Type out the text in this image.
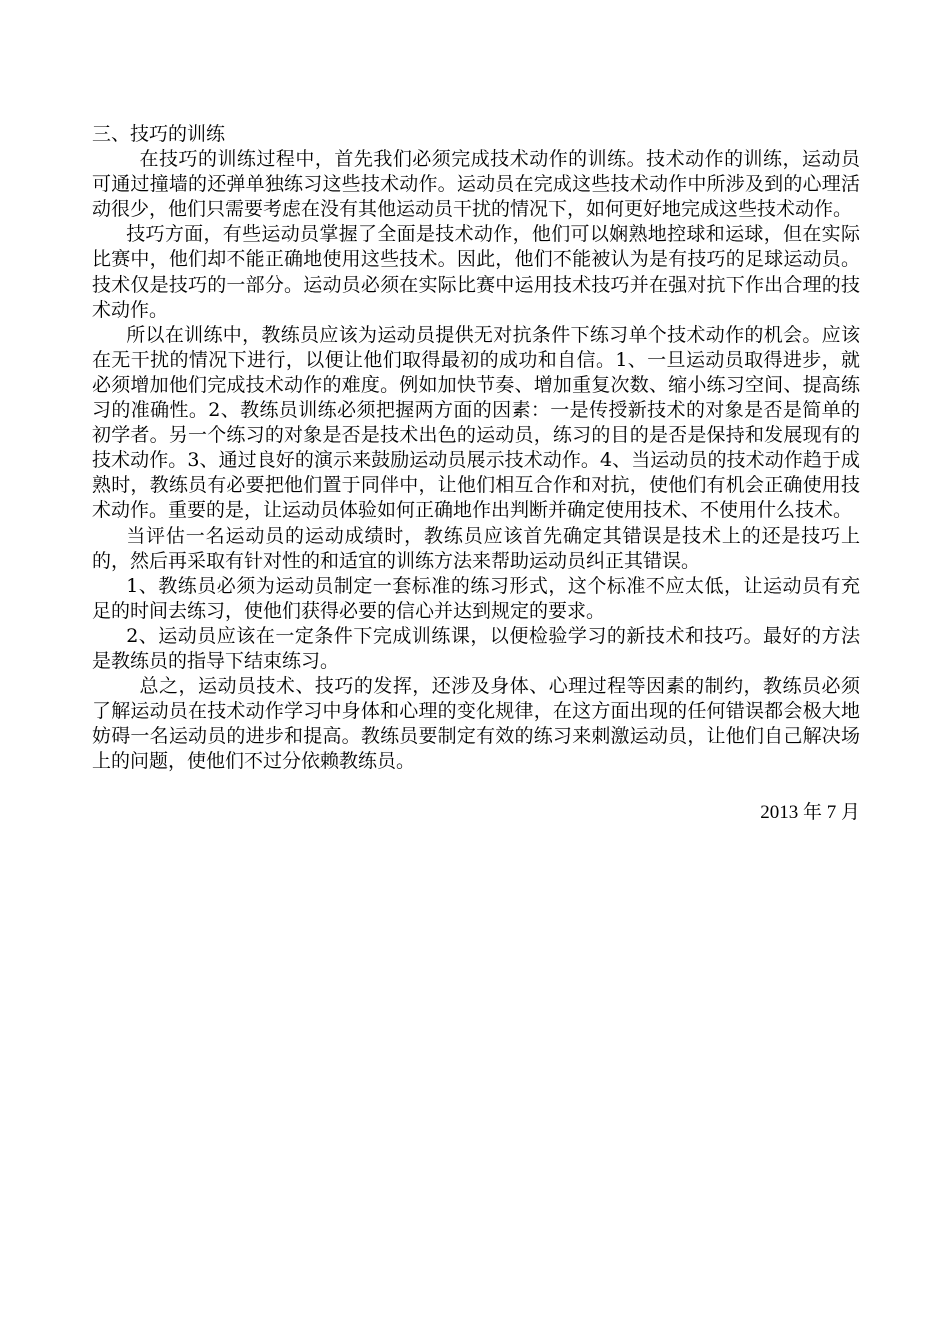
三、技巧的训练

在技巧的训练过程中，首先我们必须完成技术动作的训练。技术动作的训练，运动员可通过撞墙的还弹单独练习这些技术动作。运动员在完成这些技术动作中所涉及到的心理活动很少，他们只需要考虑在没有其他运动员干扰的情况下，如何更好地完成这些技术动作。

技巧方面，有些运动员掌握了全面是技术动作，他们可以娴熟地控球和运球，但在实际比赛中，他们却不能正确地使用这些技术。因此，他们不能被认为是有技巧的足球运动员。技术仅是技巧的一部分。运动员必须在实际比赛中运用技术技巧并在强对抗下作出合理的技术动作。

所以在训练中，教练员应该为运动员提供无对抗条件下练习单个技术动作的机会。应该在无干扰的情况下进行，以便让他们取得最初的成功和自信。1、一旦运动员取得进步，就必须增加他们完成技术动作的难度。例如加快节奏、增加重复次数、缩小练习空间、提高练习的准确性。2、教练员训练必须把握两方面的因素：一是传授新技术的对象是否是简单的初学者。另一个练习的对象是否是技术出色的运动员，练习的目的是否是保持和发展现有的技术动作。3、通过良好的演示来鼓励运动员展示技术动作。4、当运动员的技术动作趋于成熟时，教练员有必要把他们置于同伴中，让他们相互合作和对抗，使他们有机会正确使用技术动作。重要的是，让运动员体验如何正确地作出判断并确定使用技术、不使用什么技术。

当评估一名运动员的运动成绩时，教练员应该首先确定其错误是技术上的还是技巧上的，然后再采取有针对性的和适宜的训练方法来帮助运动员纠正其错误。

1、教练员必须为运动员制定一套标准的练习形式，这个标准不应太低，让运动员有充足的时间去练习，使他们获得必要的信心并达到规定的要求。

2、运动员应该在一定条件下完成训练课，以便检验学习的新技术和技巧。最好的方法是教练员的指导下结束练习。

总之，运动员技术、技巧的发挥，还涉及身体、心理过程等因素的制约，教练员必须了解运动员在技术动作学习中身体和心理的变化规律，在这方面出现的任何错误都会极大地妨碍一名运动员的进步和提高。教练员要制定有效的练习来刺激运动员，让他们自己解决场上的问题，使他们不过分依赖教练员。

2013 年 7 月
